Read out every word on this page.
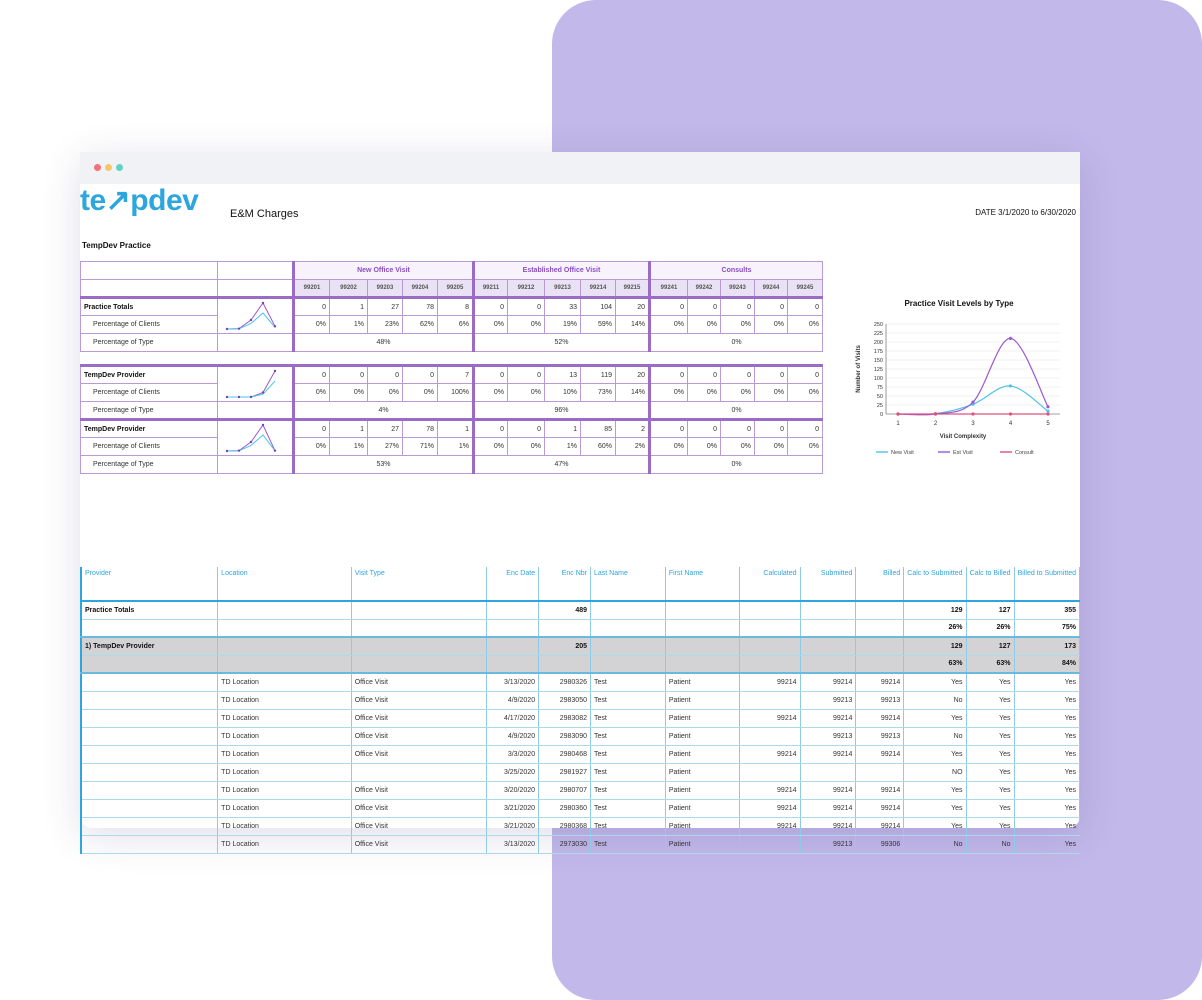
te↗pdev	E&M Charges	DATE 3/1/2020 to 6/30/2020
TempDev Practice
		New Office Visit					Established Office Visit					Consults				
		99201	99202	99203	99204	99205	99211	99212	99213	99214	99215	99241	99242	99243	99244	99245
Practice Totals		0	1	27	78	8	0	0	33	104	20	0	0	0	0	0
Percentage of Clients		0%	1%	23%	62%	6%	0%	0%	19%	59%	14%	0%	0%	0%	0%	0%
Percentage of Type		48%					52%					0%				

TempDev Provider		0	0	0	0	7	0	0	13	119	20	0	0	0	0	0
Percentage of Clients		0%	0%	0%	0%	100%	0%	0%	10%	73%	14%	0%	0%	0%	0%	0%
Percentage of Type		4%					96%					0%				
TempDev Provider		0	1	27	78	1	0	0	1	85	2	0	0	0	0	0
Percentage of Clients		0%	1%	27%	71%	1%	0%	0%	1%	60%	2%	0%	0%	0%	0%	0%
Percentage of Type		53%					47%					0%				
Practice Visit Levels by Type
250
225
200
175
150
125
100
75
50
25
0
1	2	3	4	5
Visit Complexity
Number of Visits
New Visit	Est Visit	Consult
Provider	Location	Visit Type	Enc Date	Enc Nbr	Last Name	First Name	Calculated	Submitted	Billed	Calc to Submitted	Calc to Billed	Billed to Submitted
Practice Totals				489						129	127	355
										26%	26%	75%
1) TempDev Provider				205						129	127	173
										63%	63%	84%
	TD Location	Office Visit	3/13/2020	2980326	Test	Patient	99214	99214	99214	Yes	Yes	Yes
	TD Location	Office Visit	4/9/2020	2983050	Test	Patient		99213	99213	No	Yes	Yes
	TD Location	Office Visit	4/17/2020	2983082	Test	Patient	99214	99214	99214	Yes	Yes	Yes
	TD Location	Office Visit	4/9/2020	2983090	Test	Patient		99213	99213	No	Yes	Yes
	TD Location	Office Visit	3/3/2020	2980468	Test	Patient	99214	99214	99214	Yes	Yes	Yes
	TD Location		3/25/2020	2981927	Test	Patient				NO	Yes	Yes
	TD Location	Office Visit	3/20/2020	2980707	Test	Patient	99214	99214	99214	Yes	Yes	Yes
	TD Location	Office Visit	3/21/2020	2980360	Test	Patient	99214	99214	99214	Yes	Yes	Yes
	TD Location	Office Visit	3/21/2020	2980368	Test	Patient	99214	99214	99214	Yes	Yes	Yes
	TD Location	Office Visit	3/13/2020	2973030	Test	Patient		99213	99306	No	No	Yes
